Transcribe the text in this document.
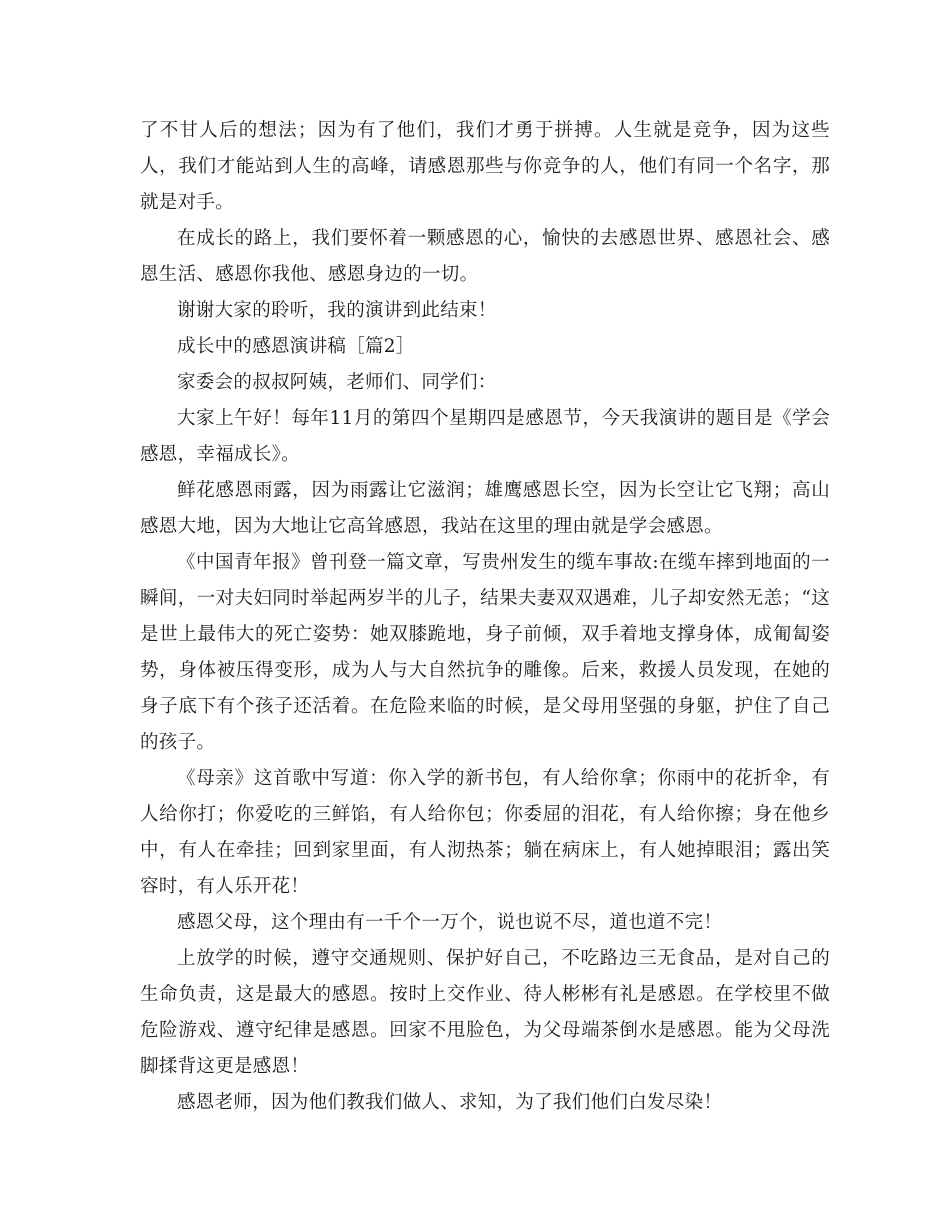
了不甘人后的想法；因为有了他们，我们才勇于拼搏。人生就是竞争，因为这些人，我们才能站到人生的高峰，请感恩那些与你竞争的人，他们有同一个名字，那就是对手。

在成长的路上，我们要怀着一颗感恩的心，愉快的去感恩世界、感恩社会、感恩生活、感恩你我他、感恩身边的一切。

谢谢大家的聆听，我的演讲到此结束！

成长中的感恩演讲稿［篇2］

家委会的叔叔阿姨，老师们、同学们：

大家上午好！每年11月的第四个星期四是感恩节，今天我演讲的题目是《学会感恩，幸福成长》。

鲜花感恩雨露，因为雨露让它滋润；雄鹰感恩长空，因为长空让它飞翔；高山感恩大地，因为大地让它高耸感恩，我站在这里的理由就是学会感恩。

《中国青年报》曾刊登一篇文章，写贵州发生的缆车事故:在缆车摔到地面的一瞬间，一对夫妇同时举起两岁半的儿子，结果夫妻双双遇难，儿子却安然无恙；“这是世上最伟大的死亡姿势：她双膝跪地，身子前倾，双手着地支撑身体，成匍匐姿势，身体被压得变形，成为人与大自然抗争的雕像。后来，救援人员发现，在她的身子底下有个孩子还活着。在危险来临的时候，是父母用坚强的身躯，护住了自己的孩子。

《母亲》这首歌中写道：你入学的新书包，有人给你拿；你雨中的花折伞，有人给你打；你爱吃的三鲜馅，有人给你包；你委屈的泪花，有人给你擦；身在他乡中，有人在牵挂；回到家里面，有人沏热茶；躺在病床上，有人她掉眼泪；露出笑容时，有人乐开花！

感恩父母，这个理由有一千个一万个，说也说不尽，道也道不完！

上放学的时候，遵守交通规则、保护好自己，不吃路边三无食品，是对自己的生命负责，这是最大的感恩。按时上交作业、待人彬彬有礼是感恩。在学校里不做危险游戏、遵守纪律是感恩。回家不甩脸色，为父母端茶倒水是感恩。能为父母洗脚揉背这更是感恩！

感恩老师，因为他们教我们做人、求知，为了我们他们白发尽染！
